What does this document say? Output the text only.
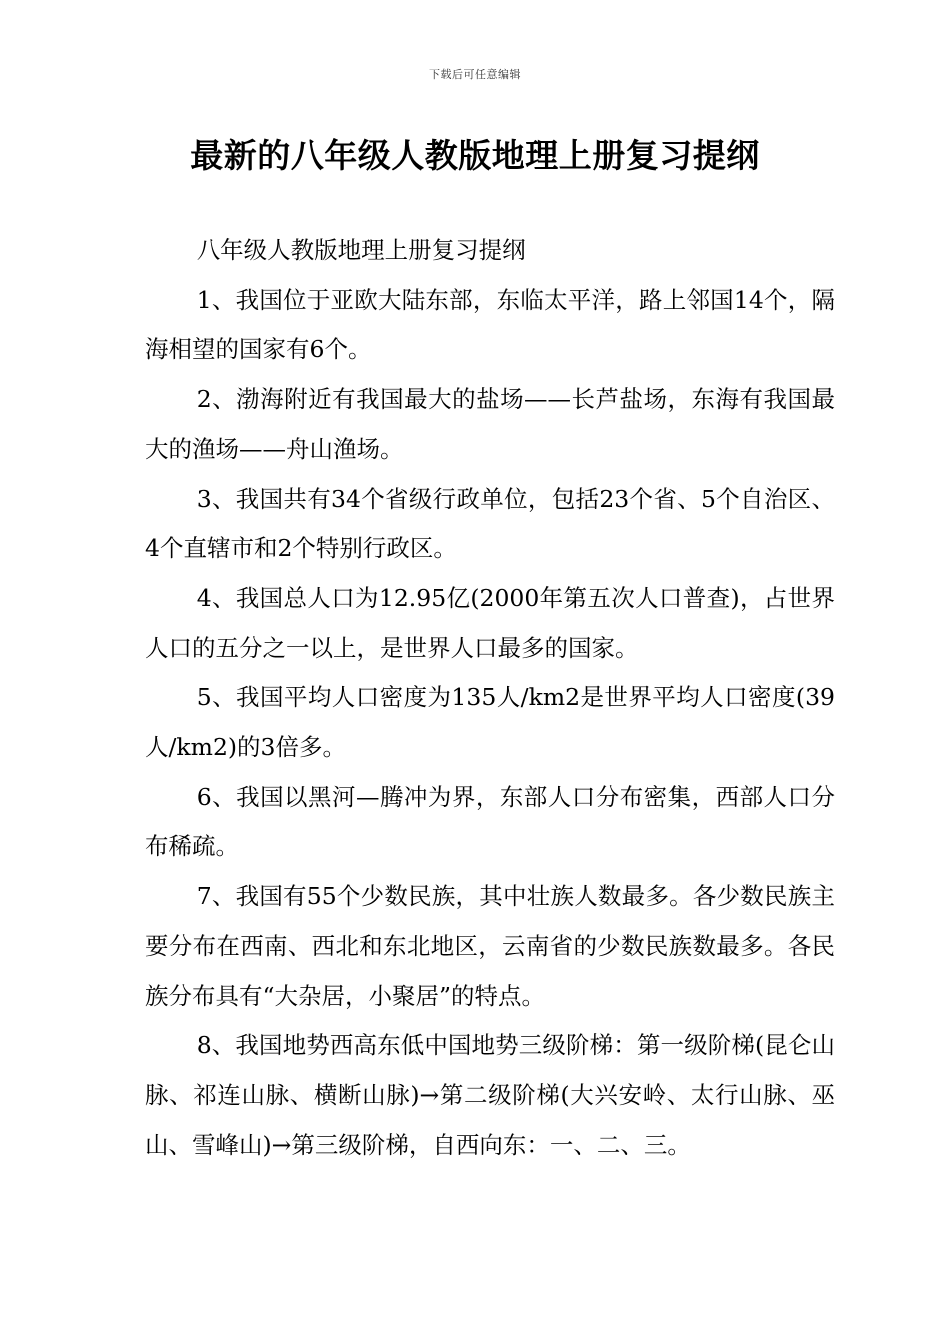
下载后可任意编辑
最新的八年级人教版地理上册复习提纲

八年级人教版地理上册复习提纲

1、我国位于亚欧大陆东部，东临太平洋，路上邻国14个，隔海相望的国家有6个。

2、渤海附近有我国最大的盐场——长芦盐场，东海有我国最大的渔场——舟山渔场。

3、我国共有34个省级行政单位，包括23个省、5个自治区、4个直辖市和2个特别行政区。

4、我国总人口为12.95亿(2000年第五次人口普查)，占世界人口的五分之一以上，是世界人口最多的国家。

5、我国平均人口密度为135人/km2是世界平均人口密度(39人/km2)的3倍多。

6、我国以黑河—腾冲为界，东部人口分布密集，西部人口分布稀疏。

7、我国有55个少数民族，其中壮族人数最多。各少数民族主要分布在西南、西北和东北地区，云南省的少数民族数最多。各民族分布具有“大杂居，小聚居”的特点。

8、我国地势西高东低中国地势三级阶梯：第一级阶梯(昆仑山脉、祁连山脉、横断山脉)→第二级阶梯(大兴安岭、太行山脉、巫山、雪峰山)→第三级阶梯，自西向东：一、二、三。
